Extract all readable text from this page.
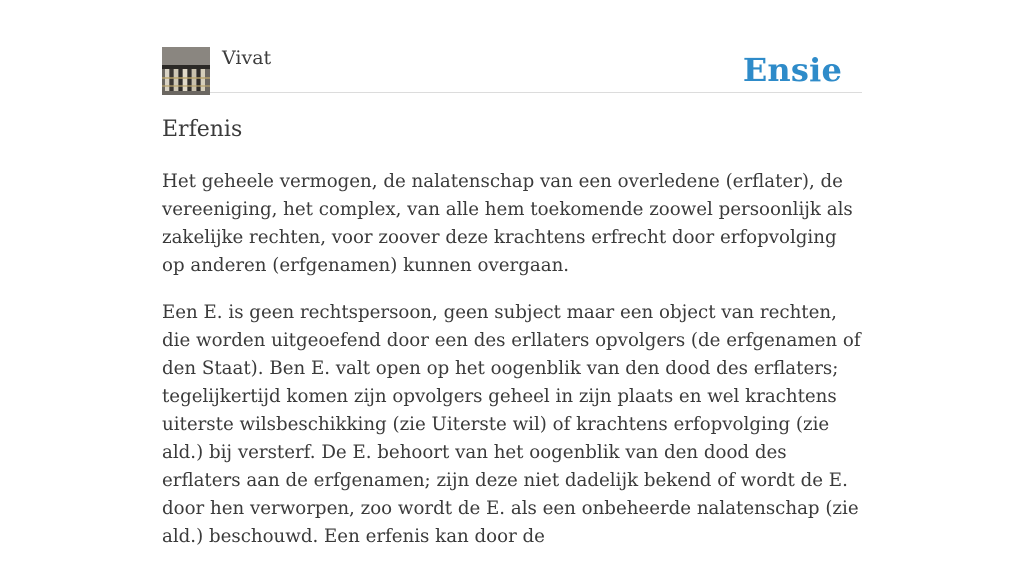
Vivat	Ensie
Erfenis

Het geheele vermogen, de nalatenschap van een overledene (erflater), de vereeniging, het complex, van alle hem toekomende zoowel persoonlijk als zakelijke rechten, voor zoover deze krachtens erfrecht door erfopvolging op anderen (erfgenamen) kunnen overgaan.

Een E. is geen rechtspersoon, geen subject maar een object van rechten, die worden uitgeoefend door een des erllaters opvolgers (de erfgenamen of den Staat). Ben E. valt open op het oogenblik van den dood des erflaters; tegelijkertijd komen zijn opvolgers geheel in zijn plaats en wel krachtens uiterste wilsbeschikking (zie Uiterste wil) of krachtens erfopvolging (zie ald.) bij versterf. De E. behoort van het oogenblik van den dood des erflaters aan de erfgenamen; zijn deze niet dadelijk bekend of wordt de E. door hen verworpen, zoo wordt de E. als een onbeheerde nalatenschap (zie ald.) beschouwd. Een erfenis kan door de
